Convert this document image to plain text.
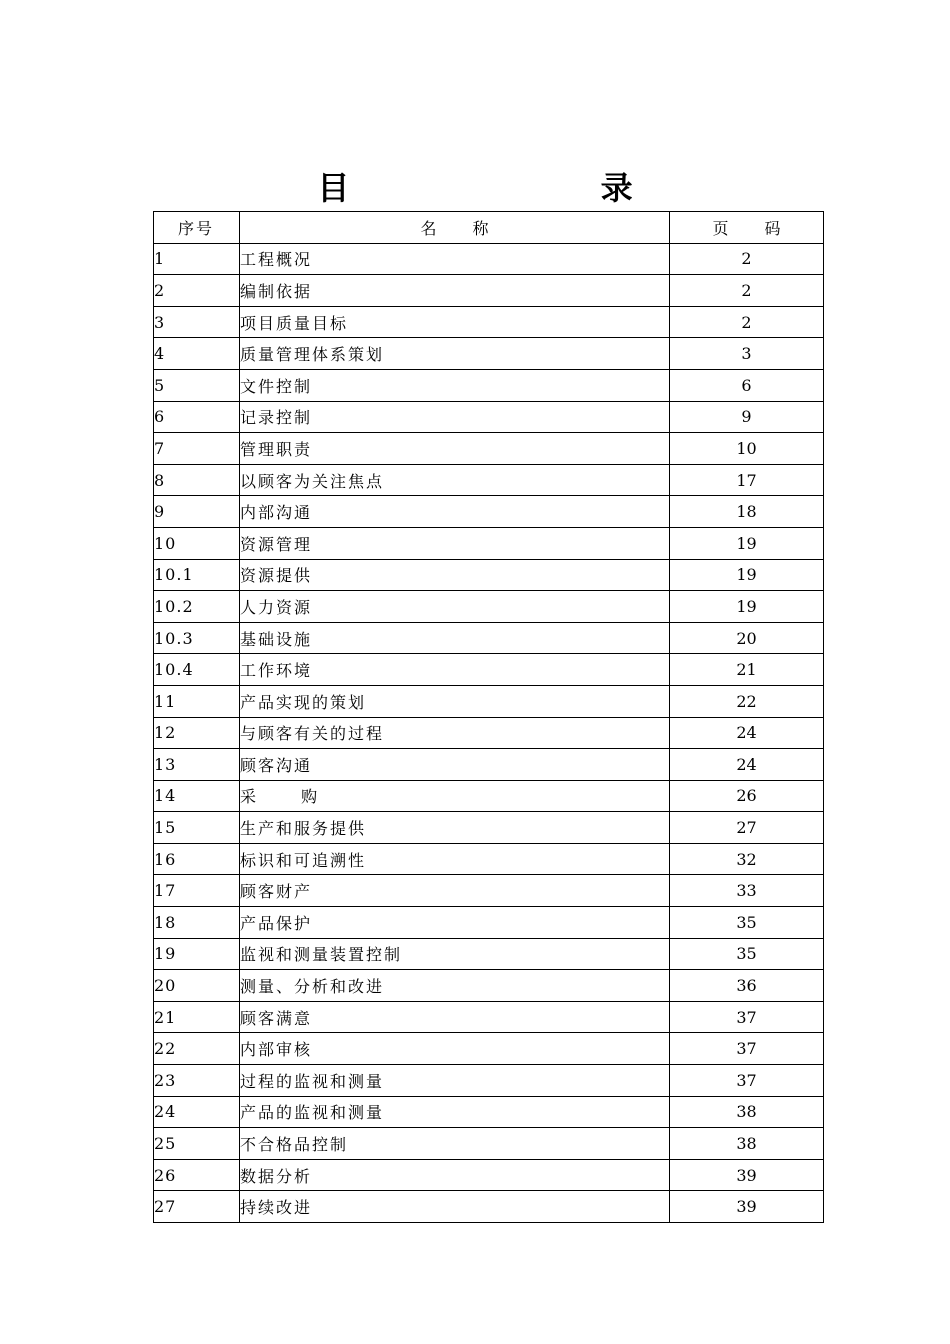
目 录
序号	名称	页码
1	工程概况	2
2	编制依据	2
3	项目质量目标	2
4	质量管理体系策划	3
5	文件控制	6
6	记录控制	9
7	管理职责	10
8	以顾客为关注焦点	17
9	内部沟通	18
10	资源管理	19
10.1	资源提供	19
10.2	人力资源	19
10.3	基础设施	20
10.4	工作环境	21
11	产品实现的策划	22
12	与顾客有关的过程	24
13	顾客沟通	24
14	采 购	26
15	生产和服务提供	27
16	标识和可追溯性	32
17	顾客财产	33
18	产品保护	35
19	监视和测量装置控制	35
20	测量、分析和改进	36
21	顾客满意	37
22	内部审核	37
23	过程的监视和测量	37
24	产品的监视和测量	38
25	不合格品控制	38
26	数据分析	39
27	持续改进	39
